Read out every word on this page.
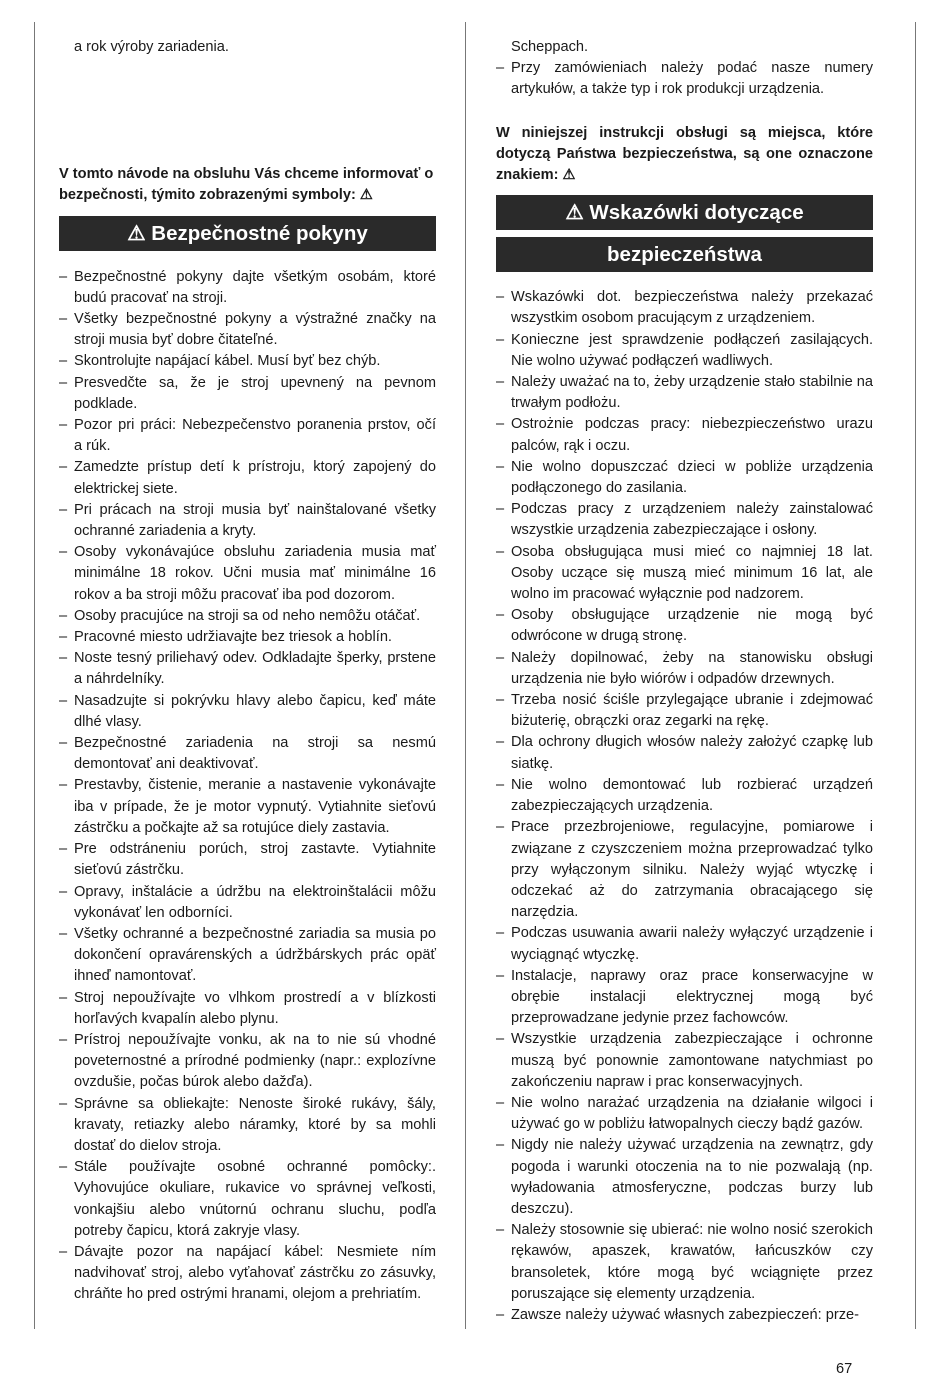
a rok výroby zariadenia.

V tomto návode na obsluhu Vás chceme informovať o bezpečnosti, týmito zobrazenými symboly: ⚠

⚠ Bezpečnostné pokyny
– Bezpečnostné pokyny dajte všetkým osobám, ktoré budú pracovať na stroji.
– Všetky bezpečnostné pokyny a výstražné značky na stroji musia byť dobre čitateľné.
– Skontrolujte napájací kábel. Musí byť bez chýb.
– Presvedčte sa, že je stroj upevnený na pevnom podklade.
– Pozor pri práci: Nebezpečenstvo poranenia prstov, očí a rúk.
– Zamedzte prístup detí k prístroju, ktorý zapojený do elektrickej siete.
– Pri prácach na stroji musia byť nainštalované všetky ochranné zariadenia a kryty.
– Osoby vykonávajúce obsluhu zariadenia musia mať minimálne 18 rokov. Učni musia mať minimálne 16 rokov a ba stroji môžu pracovať iba pod dozorom.
– Osoby pracujúce na stroji sa od neho nemôžu otáčať.
– Pracovné miesto udržiavajte bez triesok a hoblín.
– Noste tesný priliehavý odev. Odkladajte šperky, prstene a náhrdelníky.
– Nasadzujte si pokrývku hlavy alebo čapicu, keď máte dlhé vlasy.
– Bezpečnostné zariadenia na stroji sa nesmú demontovať ani deaktivovať.
– Prestavby, čistenie, meranie a nastavenie vykonávajte iba v prípade, že je motor vypnutý. Vytiahnite sieťovú zástrčku a počkajte až sa rotujúce diely zastavia.
– Pre odstráneniu porúch, stroj zastavte. Vytiahnite sieťovú zástrčku.
– Opravy, inštalácie a údržbu na elektroinštalácii môžu vykonávať len odborníci.
– Všetky ochranné a bezpečnostné zariadia sa musia po dokončení opravárenských a údržbárskych prác opäť ihneď namontovať.
– Stroj nepoužívajte vo vlhkom prostredí a v blízkosti horľavých kvapalín alebo plynu.
– Prístroj nepoužívajte vonku, ak na to nie sú vhodné poveternostné a prírodné podmienky (napr.: explozívne ovzdušie, počas búrok alebo dažďa).
– Správne sa obliekajte: Nenoste široké rukávy, šály, kravaty, retiazky alebo náramky, ktoré by sa mohli dostať do dielov stroja.
– Stále používajte osobné ochranné pomôcky:. Vyhovujúce okuliare, rukavice vo správnej veľkosti, vonkajšiu alebo vnútornú ochranu sluchu, podľa potreby čapicu, ktorá zakryje vlasy.
– Dávajte pozor na napájací kábel: Nesmiete ním nadvihovať stroj, alebo vyťahovať zástrčku zo zásuvky, chráňte ho pred ostrými hranami, olejom a prehriatím.

Scheppach.

– Przy zamówieniach należy podać nasze numery artykułów, a także typ i rok produkcji urządzenia.

W niniejszej instrukcji obsługi są miejsca, które dotyczą Państwa bezpieczeństwa, są one oznaczone znakiem: ⚠

⚠ Wskazówki dotyczące
bezpieczeństwa
– Wskazówki dot. bezpieczeństwa należy przekazać wszystkim osobom pracującym z urządzeniem.
– Konieczne jest sprawdzenie podłączeń zasilających. Nie wolno używać podłączeń wadliwych.
– Należy uważać na to, żeby urządzenie stało stabilnie na trwałym podłożu.
– Ostrożnie podczas pracy: niebezpieczeństwo urazu palców, rąk i oczu.
– Nie wolno dopuszczać dzieci w pobliże urządzenia podłączonego do zasilania.
– Podczas pracy z urządzeniem należy zainstalować wszystkie urządzenia zabezpieczające i osłony.
– Osoba obsługująca musi mieć co najmniej 18 lat. Osoby uczące się muszą mieć minimum 16 lat, ale wolno im pracować wyłącznie pod nadzorem.
– Osoby obsługujące urządzenie nie mogą być odwrócone w drugą stronę.
– Należy dopilnować, żeby na stanowisku obsługi urządzenia nie było wiórów i odpadów drzewnych.
– Trzeba nosić ściśle przylegające ubranie i zdejmować biżuterię, obrączki oraz zegarki na rękę.
– Dla ochrony długich włosów należy założyć czapkę lub siatkę.
– Nie wolno demontować lub rozbierać urządzeń zabezpieczających urządzenia.
– Prace przezbrojeniowe, regulacyjne, pomiarowe i związane z czyszczeniem można przeprowadzać tylko przy wyłączonym silniku. Należy wyjąć wtyczkę i odczekać aż do zatrzymania obracającego się narzędzia.
– Podczas usuwania awarii należy wyłączyć urządzenie i wyciągnąć wtyczkę.
– Instalacje, naprawy oraz prace konserwacyjne w obrębie instalacji elektrycznej mogą być przeprowadzane jedynie przez fachowców.
– Wszystkie urządzenia zabezpieczające i ochronne muszą być ponownie zamontowane natychmiast po zakończeniu napraw i prac konserwacyjnych.
– Nie wolno narażać urządzenia na działanie wilgoci i używać go w pobliżu łatwopalnych cieczy bądź gazów.
– Nigdy nie należy używać urządzenia na zewnątrz, gdy pogoda i warunki otoczenia na to nie pozwalają (np. wyładowania atmosferyczne, podczas burzy lub deszczu).
– Należy stosownie się ubierać: nie wolno nosić szerokich rękawów, apaszek, krawatów, łańcuszków czy bransoletek, które mogą być wciągnięte przez poruszające się elementy urządzenia.
– Zawsze należy używać własnych zabezpieczeń: prze-
67
